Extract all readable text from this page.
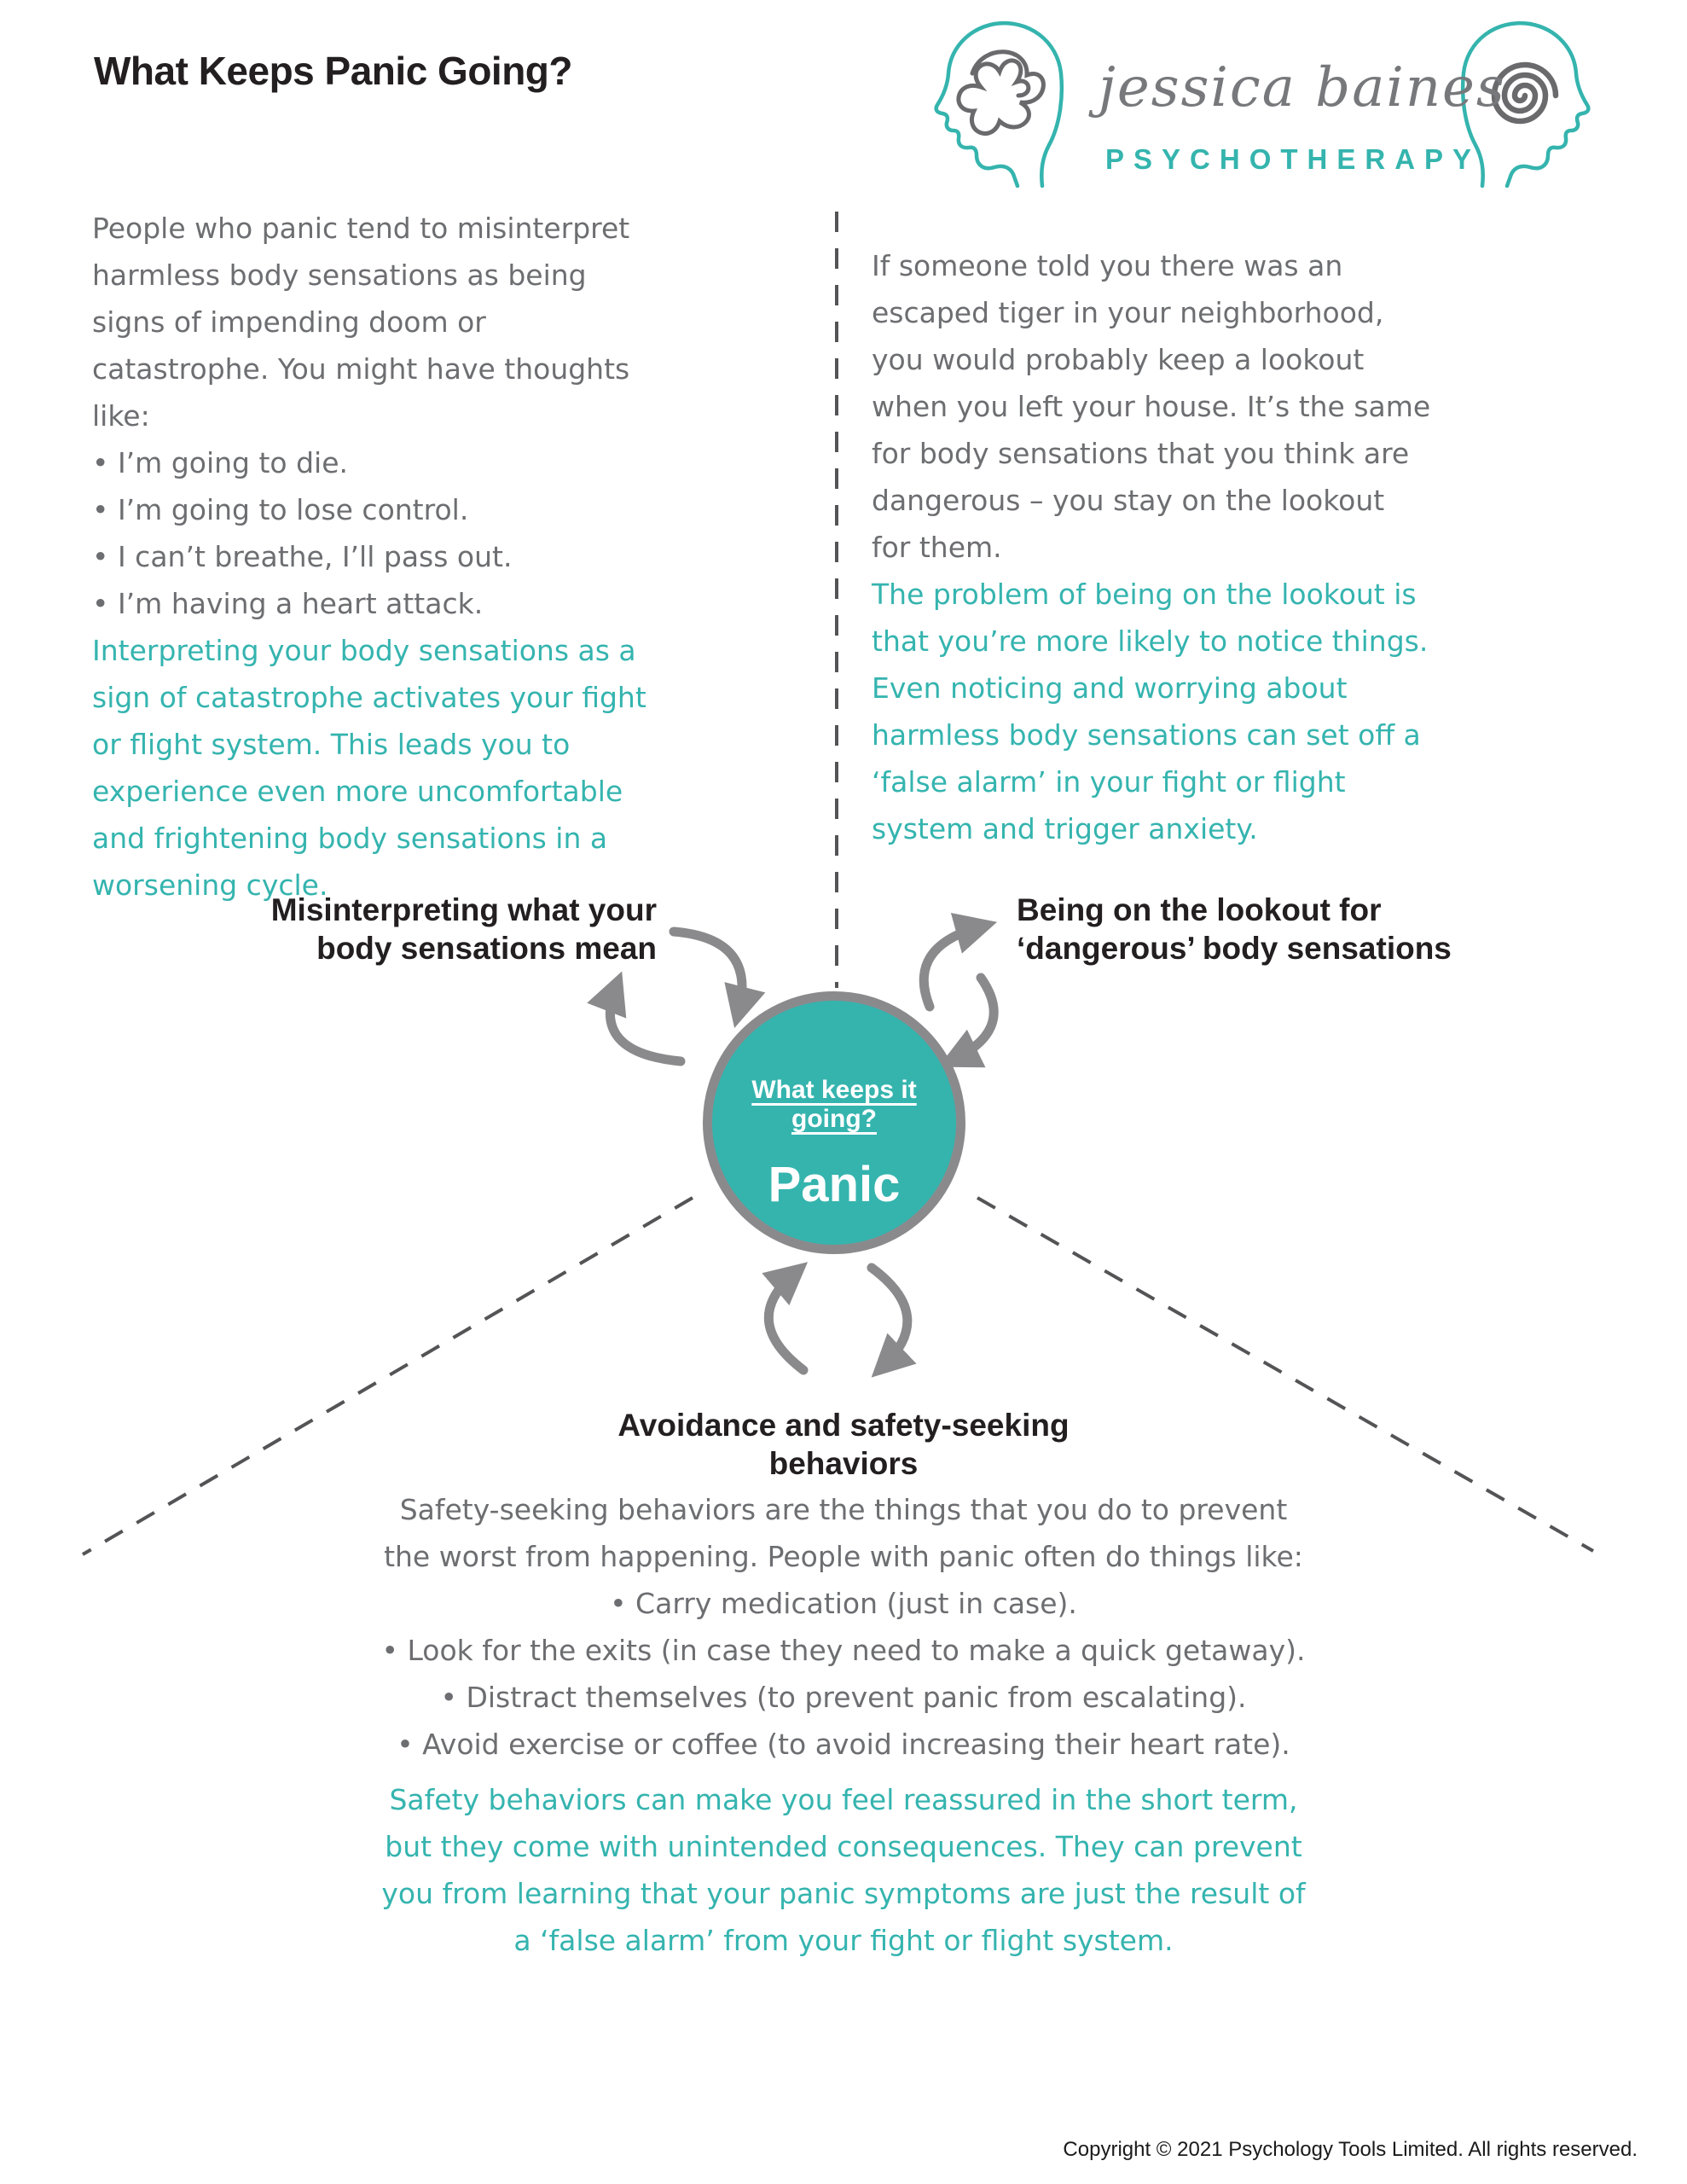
What Keeps Panic Going?	jessica baines
PSYCHOTHERAPY
People who panic tend to misinterpret
harmless body sensations as being
signs of impending doom or
catastrophe. You might have thoughts
like:
• I’m going to die.
• I’m going to lose control.
• I can’t breathe, I’ll pass out.
• I’m having a heart attack.
Interpreting your body sensations as a
sign of catastrophe activates your fight
or flight system. This leads you to
experience even more uncomfortable
and frightening body sensations in a
worsening cycle.
If someone told you there was an
escaped tiger in your neighborhood,
you would probably keep a lookout
when you left your house. It’s the same
for body sensations that you think are
dangerous – you stay on the lookout
for them.
The problem of being on the lookout is
that you’re more likely to notice things.
Even noticing and worrying about
harmless body sensations can set off a
‘false alarm’ in your fight or flight
system and trigger anxiety.
What keeps it going?
Panic
Misinterpreting what your
body sensations mean
Being on the lookout for
‘dangerous’ body sensations
Avoidance and safety-seeking
behaviors
Safety-seeking behaviors are the things that you do to prevent
the worst from happening. People with panic often do things like:
• Carry medication (just in case).
• Look for the exits (in case they need to make a quick getaway).
• Distract themselves (to prevent panic from escalating).
• Avoid exercise or coffee (to avoid increasing their heart rate).
Safety behaviors can make you feel reassured in the short term,
but they come with unintended consequences. They can prevent
you from learning that your panic symptoms are just the result of
a ‘false alarm’ from your fight or flight system.
Copyright © 2021 Psychology Tools Limited. All rights reserved.
